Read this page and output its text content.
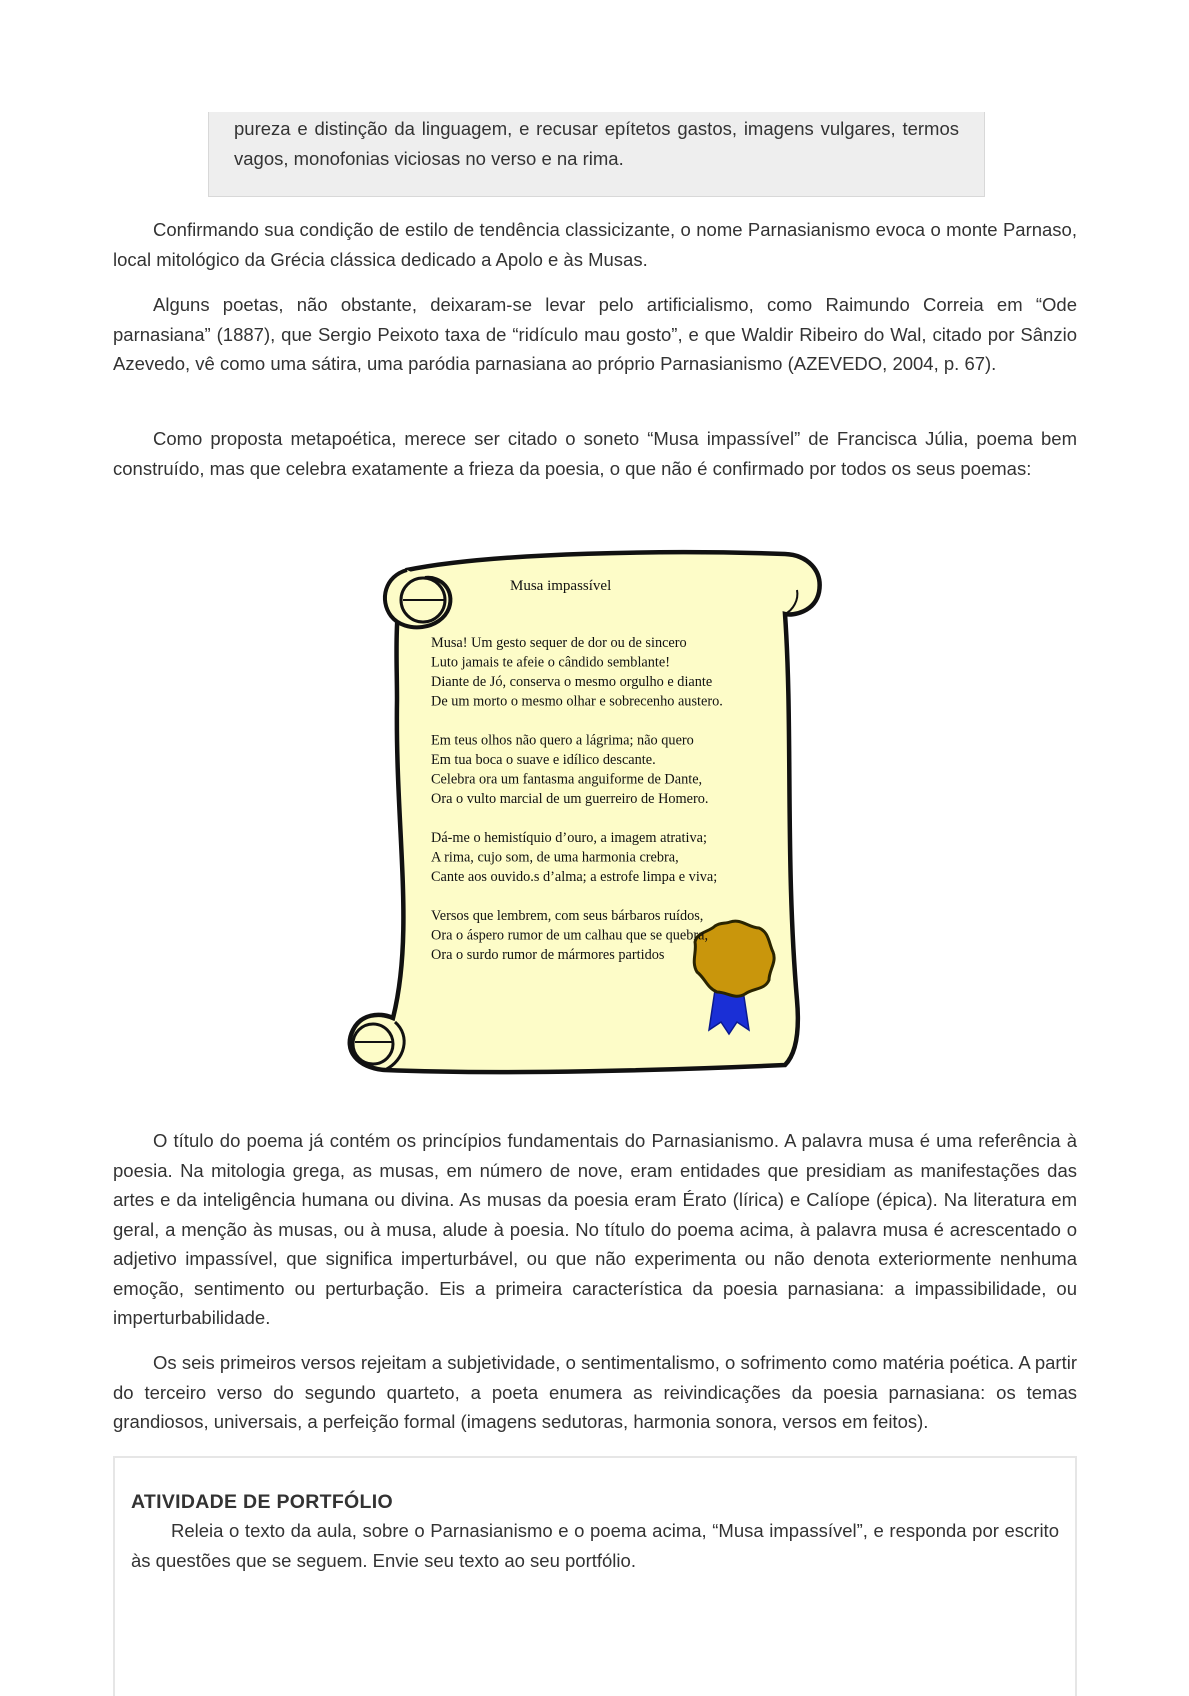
pureza e distinção da linguagem, e recusar epítetos gastos, imagens vulgares, termos vagos, monofonias viciosas no verso e na rima.

Confirmando sua condição de estilo de tendência classicizante, o nome Parnasianismo evoca o monte Parnaso, local mitológico da Grécia clássica dedicado a Apolo e às Musas.

Alguns poetas, não obstante, deixaram-se levar pelo artificialismo, como Raimundo Correia em “Ode parnasiana” (1887), que Sergio Peixoto taxa de “ridículo mau gosto”, e que Waldir Ribeiro do Wal, citado por Sânzio Azevedo, vê como uma sátira, uma paródia parnasiana ao próprio Parnasianismo (AZEVEDO, 2004, p. 67).

Como proposta metapoética, merece ser citado o soneto “Musa impassível” de Francisca Júlia, poema bem construído, mas que celebra exatamente a frieza da poesia, o que não é confirmado por todos os seus poemas:

Musa impassível
Musa! Um gesto sequer de dor ou de sincero
Luto jamais te afeie o cândido semblante!
Diante de Jó, conserva o mesmo orgulho e diante
De um morto o mesmo olhar e sobrecenho austero.
Em teus olhos não quero a lágrima; não quero
Em tua boca o suave e idílico descante.
Celebra ora um fantasma anguiforme de Dante,
Ora o vulto marcial de um guerreiro de Homero.
Dá-me o hemistíquio d’ouro, a imagem atrativa;
A rima, cujo som, de uma harmonia crebra,
Cante aos ouvido.s d’alma; a estrofe limpa e viva;
Versos que lembrem, com seus bárbaros ruídos,
Ora o áspero rumor de um calhau que se quebra,
Ora o surdo rumor de mármores partidos

O título do poema já contém os princípios fundamentais do Parnasianismo. A palavra musa é uma referência à poesia. Na mitologia grega, as musas, em número de nove, eram entidades que presidiam as manifestações das artes e da inteligência humana ou divina. As musas da poesia eram Érato (lírica) e Calíope (épica). Na literatura em geral, a menção às musas, ou à musa, alude à poesia. No título do poema acima, à palavra musa é acrescentado o adjetivo impassível, que significa imperturbável, ou que não experimenta ou não denota exteriormente nenhuma emoção, sentimento ou perturbação. Eis a primeira característica da poesia parnasiana: a impassibilidade, ou imperturbabilidade.

Os seis primeiros versos rejeitam a subjetividade, o sentimentalismo, o sofrimento como matéria poética. A partir do terceiro verso do segundo quarteto, a poeta enumera as reivindicações da poesia parnasiana: os temas grandiosos, universais, a perfeição formal (imagens sedutoras, harmonia sonora, versos em feitos).

ATIVIDADE DE PORTFÓLIO

Releia o texto da aula, sobre o Parnasianismo e o poema acima, “Musa impassível”, e responda por escrito às questões que se seguem. Envie seu texto ao seu portfólio.
